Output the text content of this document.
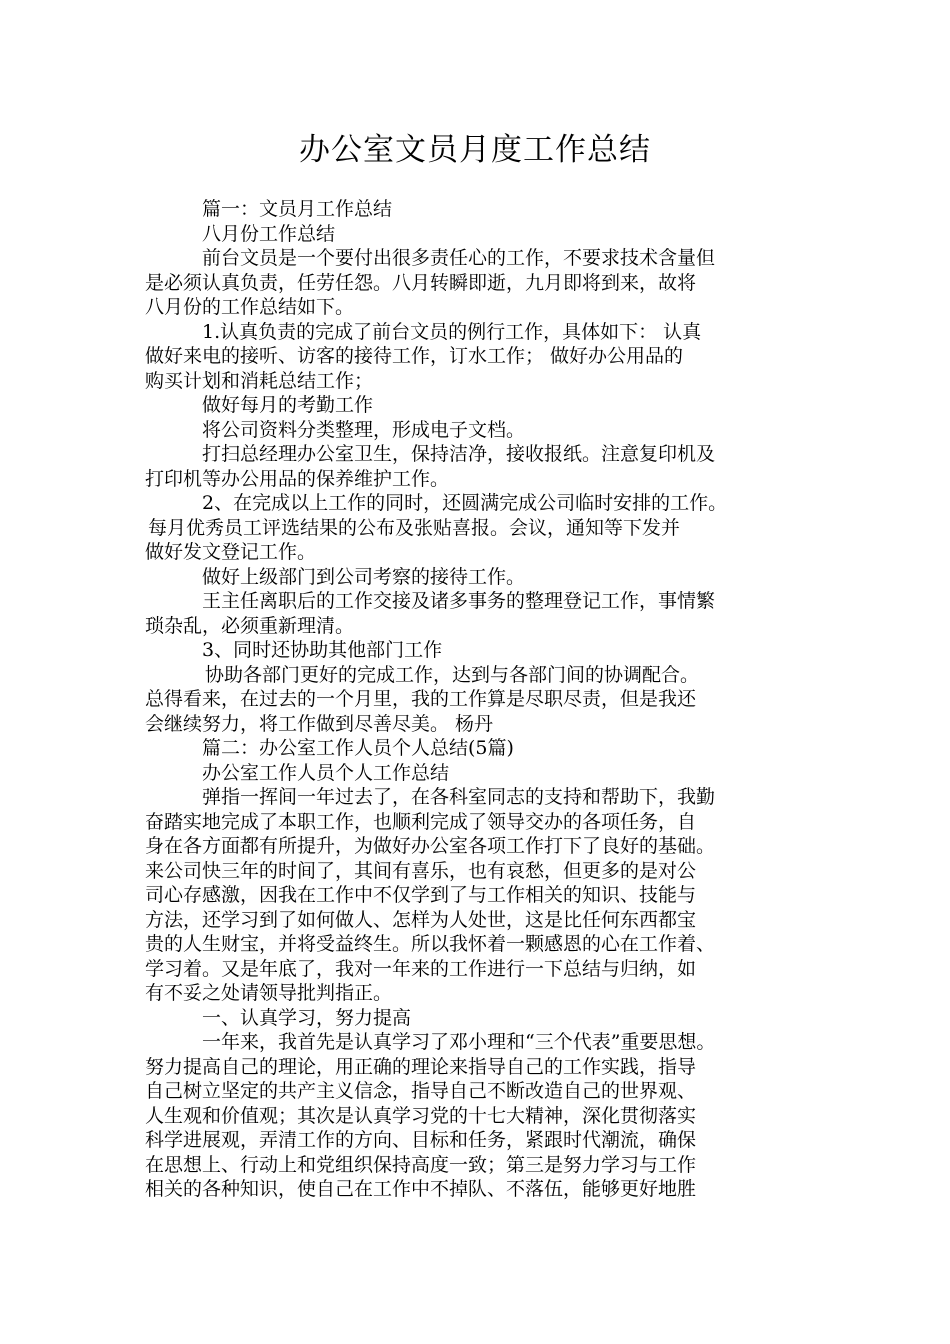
办公室文员月度工作总结
篇一：文员月工作总结
八月份工作总结
前台文员是一个要付出很多责任心的工作，不要求技术含量但
是必须认真负责，任劳任怨。八月转瞬即逝，九月即将到来，故将
八月份的工作总结如下。
1.认真负责的完成了前台文员的例行工作，具体如下： 认真
做好来电的接听、访客的接待工作，订水工作； 做好办公用品的
购买计划和消耗总结工作；
做好每月的考勤工作
将公司资料分类整理，形成电子文档。
打扫总经理办公室卫生，保持洁净，接收报纸。注意复印机及
打印机等办公用品的保养维护工作。
2、在完成以上工作的同时，还圆满完成公司临时安排的工作。
每月优秀员工评选结果的公布及张贴喜报。会议，通知等下发并
做好发文登记工作。
做好上级部门到公司考察的接待工作。
王主任离职后的工作交接及诸多事务的整理登记工作，事情繁
琐杂乱，必须重新理清。
3、同时还协助其他部门工作
协助各部门更好的完成工作，达到与各部门间的协调配合。
总得看来，在过去的一个月里，我的工作算是尽职尽责，但是我还
会继续努力，将工作做到尽善尽美。 杨丹
篇二：办公室工作人员个人总结(5篇)
办公室工作人员个人工作总结
弹指一挥间一年过去了，在各科室同志的支持和帮助下，我勤
奋踏实地完成了本职工作，也顺利完成了领导交办的各项任务，自
身在各方面都有所提升，为做好办公室各项工作打下了良好的基础。
来公司快三年的时间了，其间有喜乐，也有哀愁，但更多的是对公
司心存感激，因我在工作中不仅学到了与工作相关的知识、技能与
方法，还学习到了如何做人、怎样为人处世，这是比任何东西都宝
贵的人生财宝，并将受益终生。所以我怀着一颗感恩的心在工作着、
学习着。又是年底了，我对一年来的工作进行一下总结与归纳，如
有不妥之处请领导批判指正。
一、认真学习，努力提高
一年来，我首先是认真学习了邓小理和“三个代表”重要思想。
努力提高自己的理论，用正确的理论来指导自己的工作实践，指导
自己树立坚定的共产主义信念，指导自己不断改造自己的世界观、
人生观和价值观；其次是认真学习党的十七大精神，深化贯彻落实
科学进展观，弄清工作的方向、目标和任务，紧跟时代潮流，确保
在思想上、行动上和党组织保持高度一致；第三是努力学习与工作
相关的各种知识，使自己在工作中不掉队、不落伍，能够更好地胜
